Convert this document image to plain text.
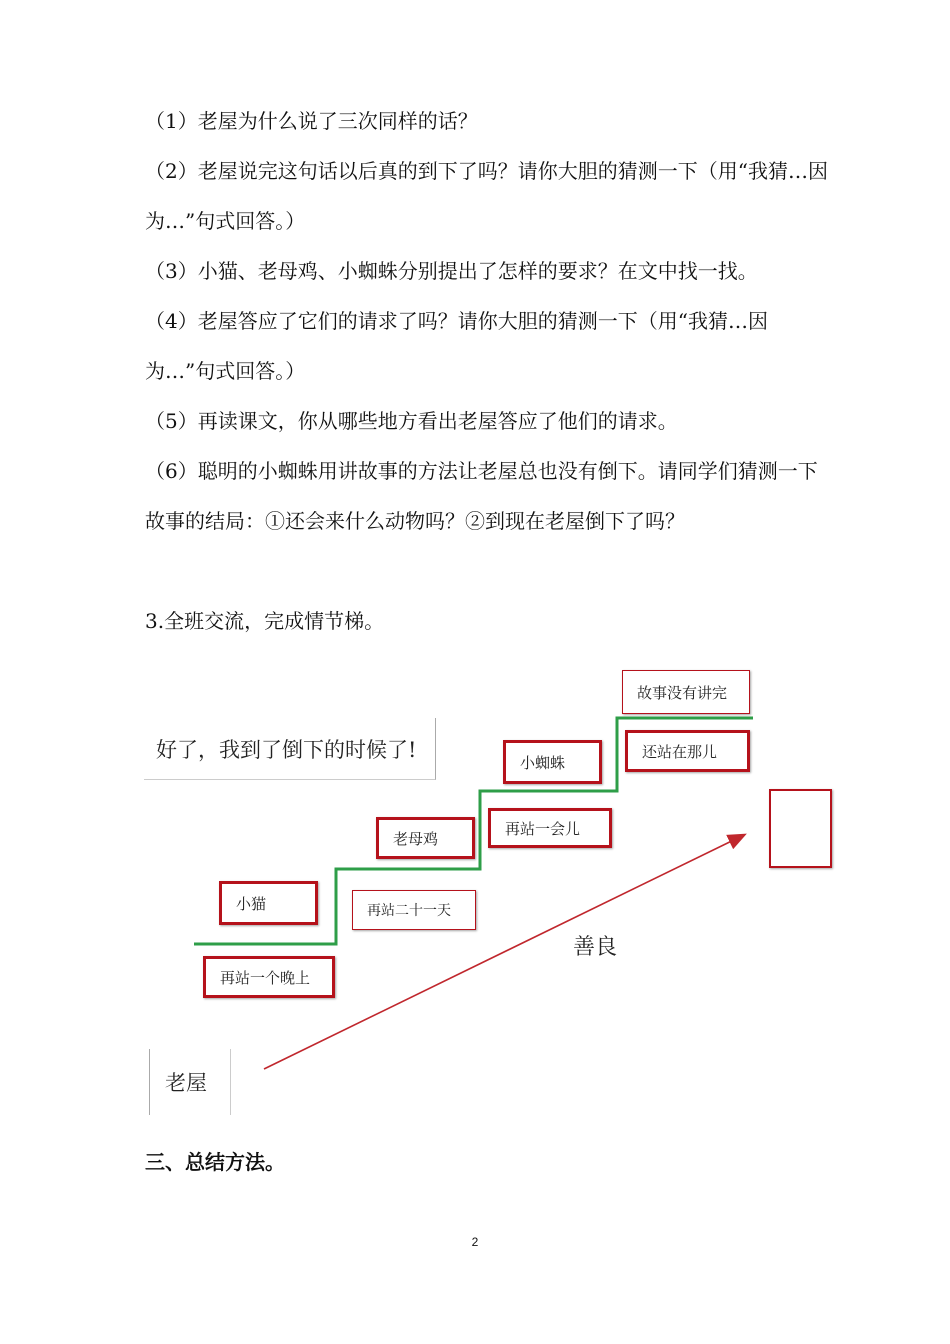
（1）老屋为什么说了三次同样的话？

（2）老屋说完这句话以后真的到下了吗？请你大胆的猜测一下（用“我猜…因为…”句式回答。）

（3）小猫、老母鸡、小蜘蛛分别提出了怎样的要求？在文中找一找。

（4）老屋答应了它们的请求了吗？请你大胆的猜测一下（用“我猜…因为…”句式回答。）

（5）再读课文，你从哪些地方看出老屋答应了他们的请求。

（6）聪明的小蜘蛛用讲故事的方法让老屋总也没有倒下。请同学们猜测一下故事的结局：①还会来什么动物吗？②到现在老屋倒下了吗？

3.全班交流，完成情节梯。

好了，我到了倒下的时候了!
老屋
小猫
再站一个晚上
老母鸡
再站二十一天
小蜘蛛
再站一会儿
故事没有讲完
还站在那儿
善良

三、总结方法。

2
